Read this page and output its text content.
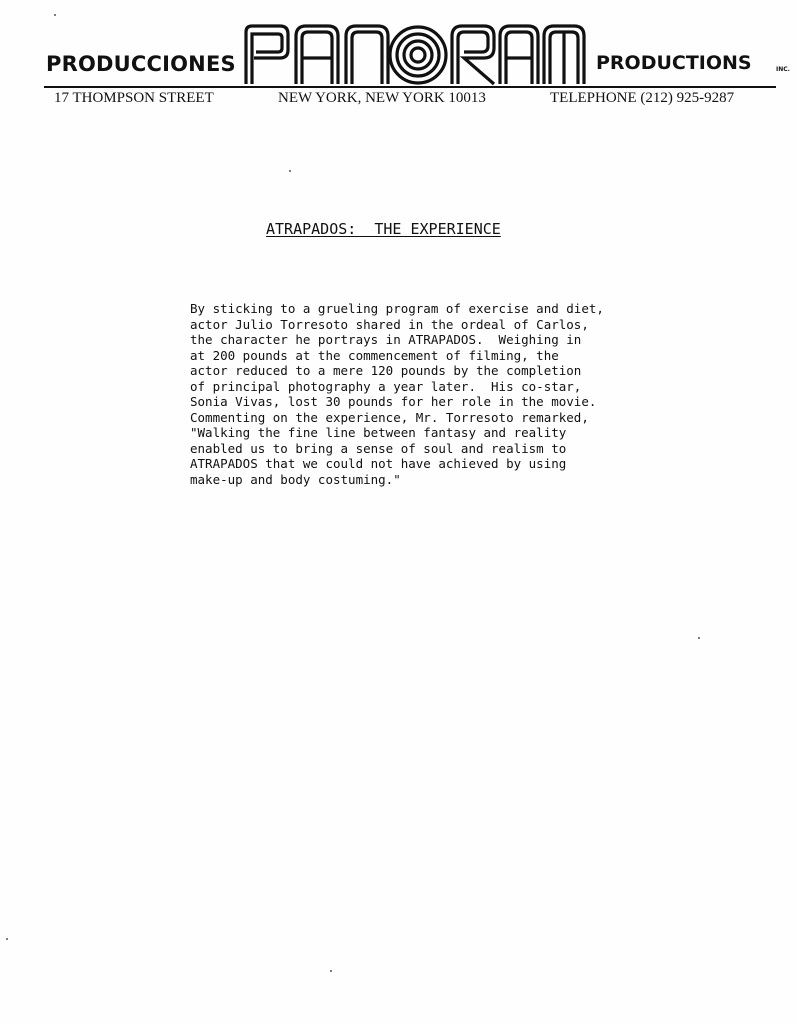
PRODUCCIONES	PRODUCTIONS	INC.
17 THOMPSON STREET	NEW YORK, NEW YORK 10013	TELEPHONE (212) 925-9287
ATRAPADOS:  THE EXPERIENCE
By sticking to a grueling program of exercise and diet,
actor Julio Torresoto shared in the ordeal of Carlos,
the character he portrays in ATRAPADOS.  Weighing in
at 200 pounds at the commencement of filming, the
actor reduced to a mere 120 pounds by the completion
of principal photography a year later.  His co-star,
Sonia Vivas, lost 30 pounds for her role in the movie.
Commenting on the experience, Mr. Torresoto remarked,
"Walking the fine line between fantasy and reality
enabled us to bring a sense of soul and realism to
ATRAPADOS that we could not have achieved by using
make-up and body costuming."
